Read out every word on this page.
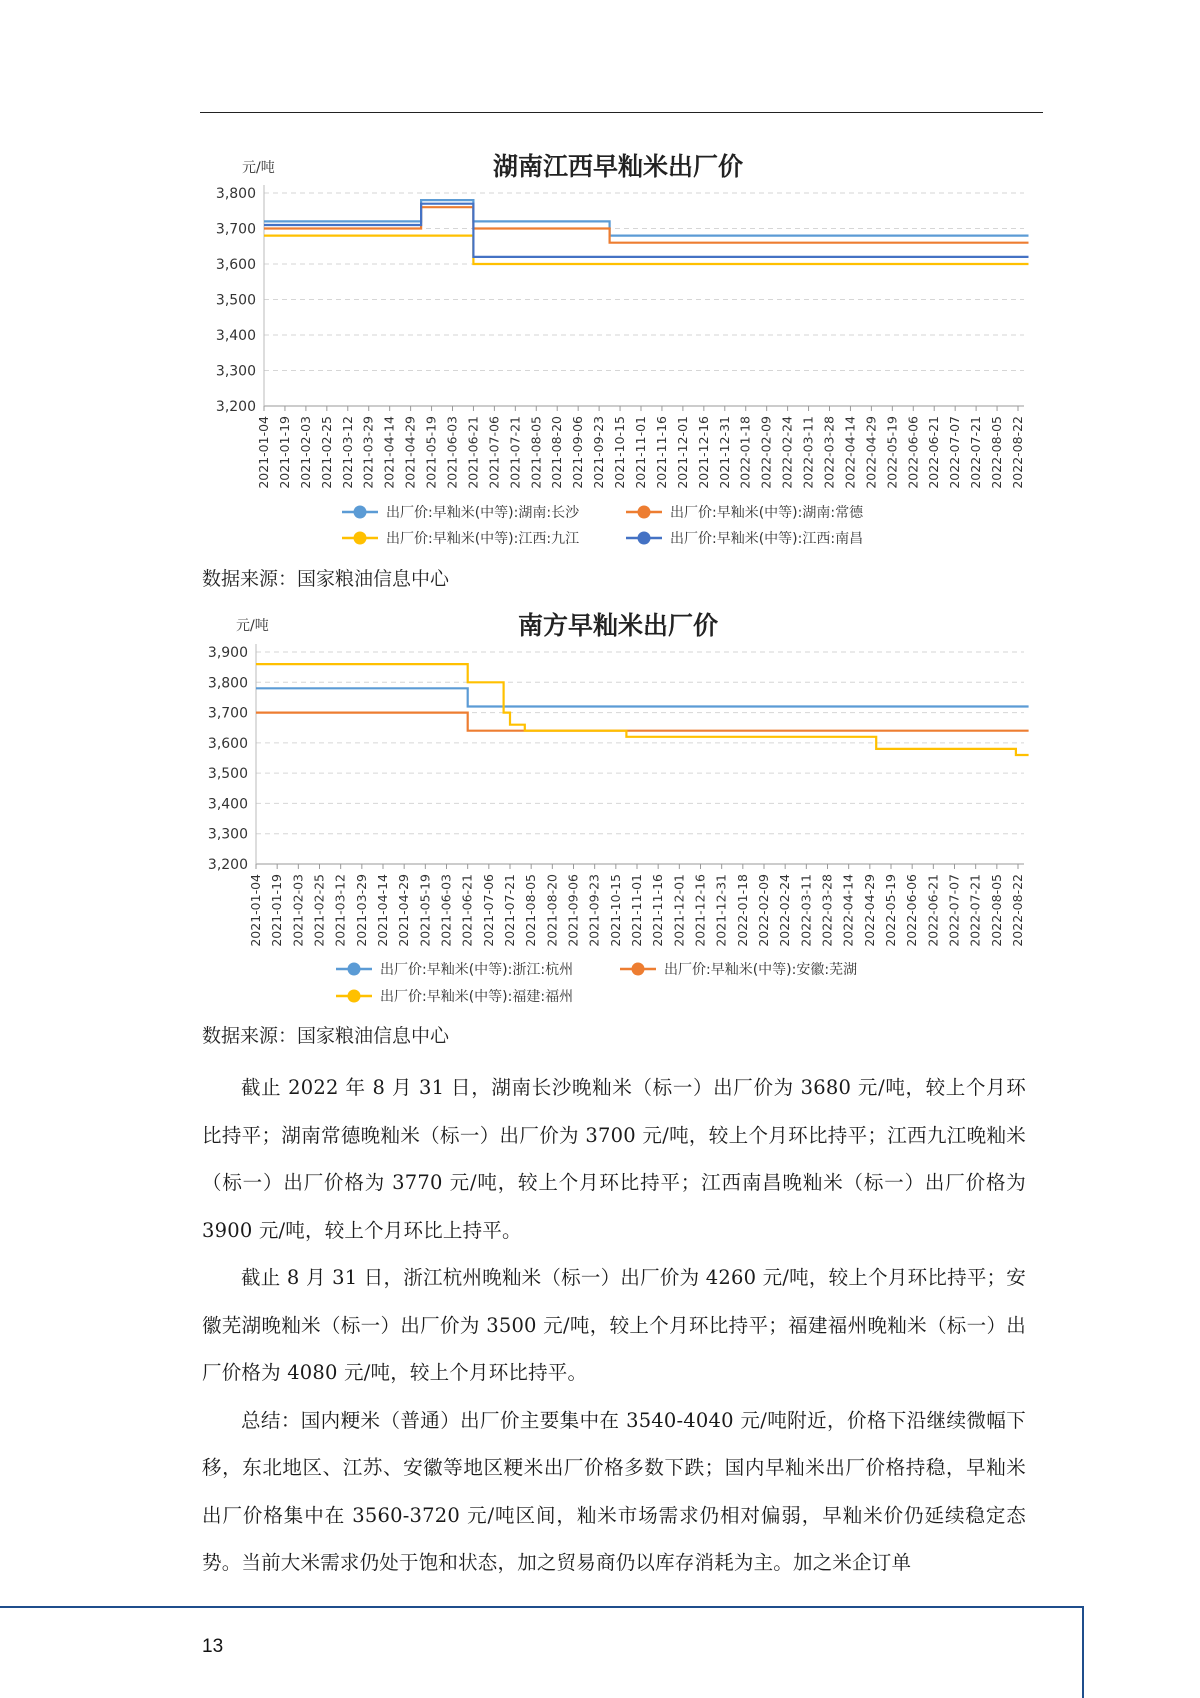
湖南江西早籼米出厂价
元/吨
3,200
3,300
3,400
3,500
3,600
3,700
3,800
2021-01-04 2021-01-19 2021-02-03 2021-02-25 2021-03-12 2021-03-29 2021-04-14 2021-04-29 2021-05-19 2021-06-03 2021-06-21 2021-07-06 2021-07-21 2021-08-05 2021-08-20 2021-09-06 2021-09-23 2021-10-15 2021-11-01 2021-11-16 2021-12-01 2021-12-16 2021-12-31 2022-01-18 2022-02-09 2022-02-24 2022-03-11 2022-03-28 2022-04-14 2022-04-29 2022-05-19 2022-06-06 2022-06-21 2022-07-07 2022-07-21 2022-08-05 2022-08-22
出厂价:早籼米(中等):湖南:长沙	出厂价:早籼米(中等):湖南:常德
出厂价:早籼米(中等):江西:九江	出厂价:早籼米(中等):江西:南昌
数据来源：国家粮油信息中心
南方早籼米出厂价
元/吨
3,200
3,300
3,400
3,500
3,600
3,700
3,800
3,900
2021-01-04 2021-01-19 2021-02-03 2021-02-25 2021-03-12 2021-03-29 2021-04-14 2021-04-29 2021-05-19 2021-06-03 2021-06-21 2021-07-06 2021-07-21 2021-08-05 2021-08-20 2021-09-06 2021-09-23 2021-10-15 2021-11-01 2021-11-16 2021-12-01 2021-12-16 2021-12-31 2022-01-18 2022-02-09 2022-02-24 2022-03-11 2022-03-28 2022-04-14 2022-04-29 2022-05-19 2022-06-06 2022-06-21 2022-07-07 2022-07-21 2022-08-05 2022-08-22
出厂价:早籼米(中等):浙江:杭州	出厂价:早籼米(中等):安徽:芜湖
出厂价:早籼米(中等):福建:福州
数据来源：国家粮油信息中心

截止 2022 年 8 月 31 日，湖南长沙晚籼米（标一）出厂价为 3680 元/吨，较上个月环比持平；湖南常德晚籼米（标一）出厂价为 3700 元/吨，较上个月环比持平；江西九江晚籼米（标一）出厂价格为 3770 元/吨，较上个月环比持平；江西南昌晚籼米（标一）出厂价格为 3900 元/吨，较上个月环比上持平。

截止 8 月 31 日，浙江杭州晚籼米（标一）出厂价为 4260 元/吨，较上个月环比持平；安徽芜湖晚籼米（标一）出厂价为 3500 元/吨，较上个月环比持平；福建福州晚籼米（标一）出厂价格为 4080 元/吨，较上个月环比持平。

总结：国内粳米（普通）出厂价主要集中在 3540-4040 元/吨附近，价格下沿继续微幅下移，东北地区、江苏、安徽等地区粳米出厂价格多数下跌；国内早籼米出厂价格持稳，早籼米出厂价格集中在 3560-3720 元/吨区间，籼米市场需求仍相对偏弱，早籼米价仍延续稳定态势。当前大米需求仍处于饱和状态，加之贸易商仍以库存消耗为主。加之米企订单

13
